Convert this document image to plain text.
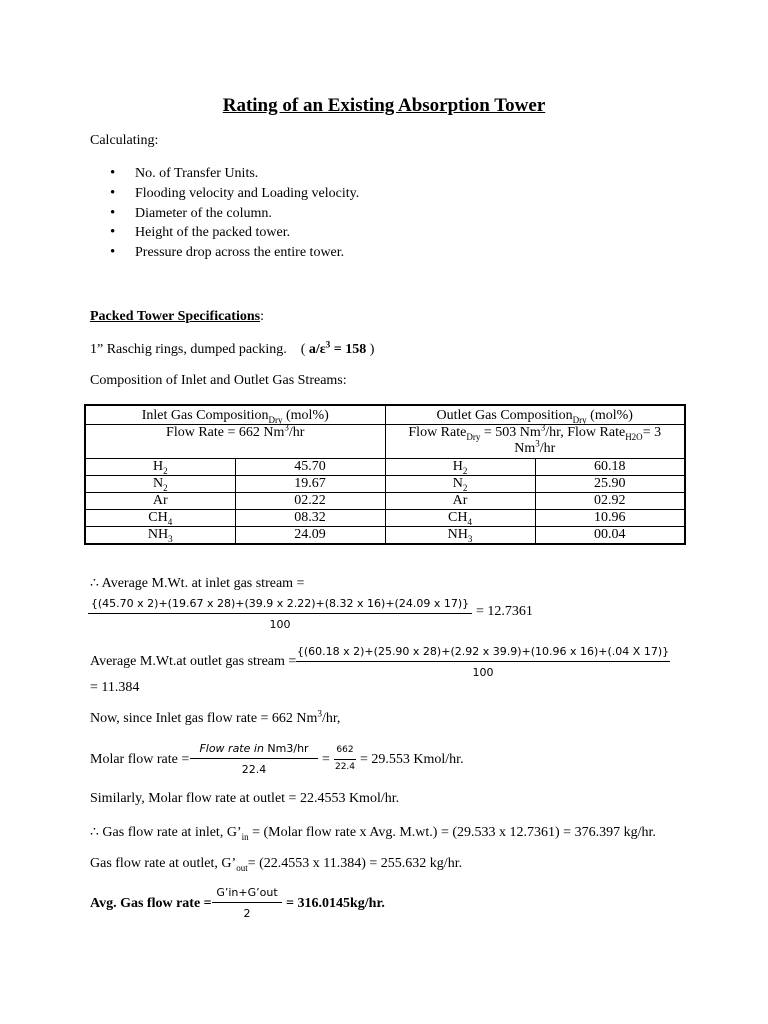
Rating of an Existing Absorption Tower
Calculating:
• No. of Transfer Units.
• Flooding velocity and Loading velocity.
• Diameter of the column.
• Height of the packed tower.
• Pressure drop across the entire tower.
Packed Tower Specifications:
1” Raschig rings, dumped packing. ( $a/\varepsilon^3 = 158$ )
Composition of Inlet and Outlet Gas Streams:
Inlet Gas Composition$_{Dry}$ (mol%)		Outlet Gas Composition$_{Dry}$ (mol%)	
Flow Rate = 662 Nm$^3$/hr		Flow Rate$_{Dry}$ = 503 Nm$^3$/hr, Flow Rate$_{H2O}$= 3
Nm$^3$/hr	
$H_2$	45.70	$H_2$	60.18
$N_2$	19.67	$N_2$	25.90
Ar	02.22	Ar	02.92
$CH_4$	08.32	$CH_4$	10.96
$NH_3$	24.09	$NH_3$	00.04
∴ Average M.Wt. at inlet gas stream =
{(45.70 x 2)+(19.67 x 28)+(39.9 x 2.22)+(8.32 x 16)+(24.09 x 17)}
100
= 12.7361
Average M.Wt.at outlet gas stream =
{(60.18 x 2)+(25.90 x 28)+(2.92 x 39.9)+(10.96 x 16)+(.04 X 17)}
100
= 11.384
Now, since Inlet gas flow rate = 662 Nm$^3$/hr,
Molar flow rate =
Flow rate in Nm3/hr
22.4
= $\frac{662}{22.4} = 29.553$ Kmol/hr.
Similarly, Molar flow rate at outlet = 22.4553 Kmol/hr.
∴ Gas flow rate at inlet, $G’_{in}$ = (Molar flow rate x Avg. M.wt.) = (29.533 x 12.7361) = 376.397 kg/hr.
Gas flow rate at outlet, $G’_{out}= (22.4553$ x 11.384) = 255.632 kg/hr.
Avg. Gas flow rate =
G’in+G’out
2
= 316.0145kg/hr.
